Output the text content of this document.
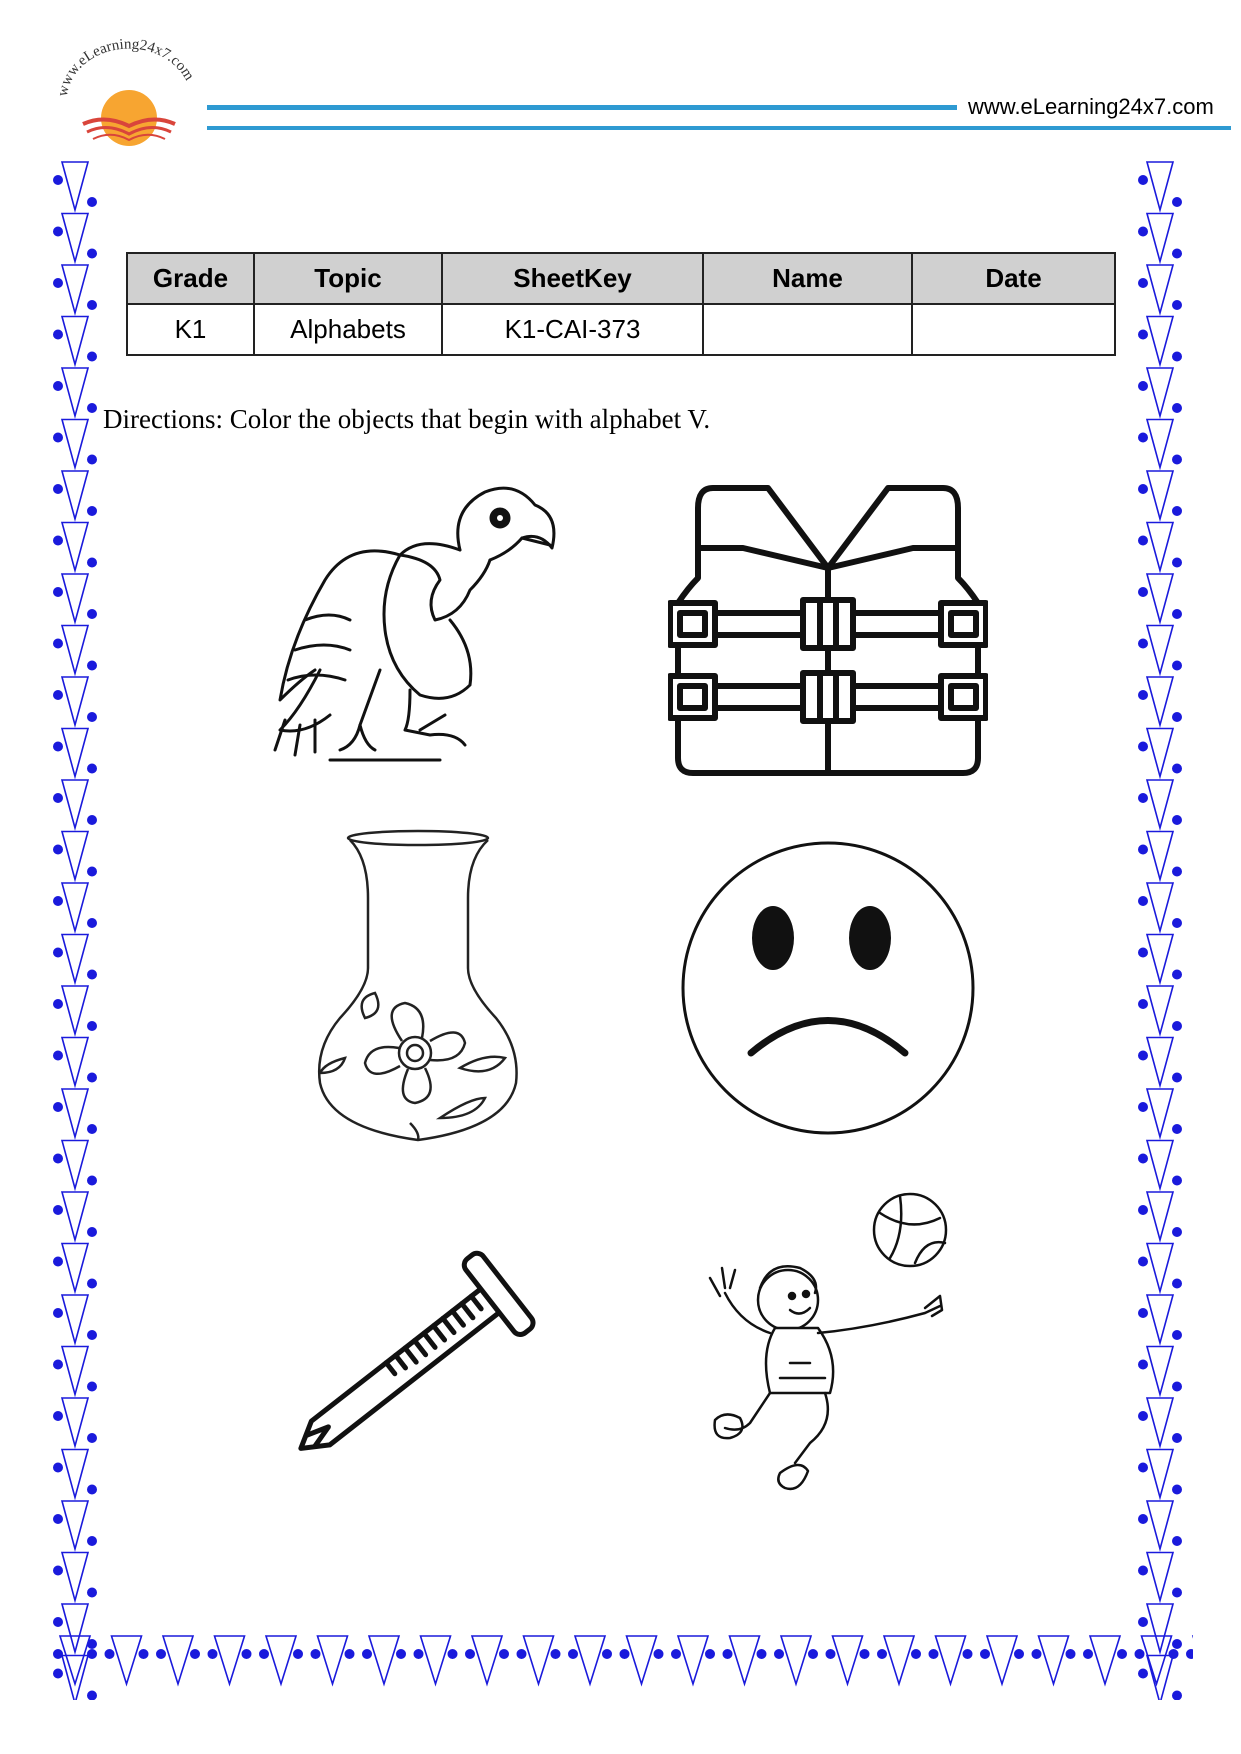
www.eLearning24x7.com
www.eLearning24x7.com
Grade	Topic	SheetKey	Name	Date
K1	Alphabets	K1-CAI-373		
Directions: Color the objects that begin with alphabet V.
